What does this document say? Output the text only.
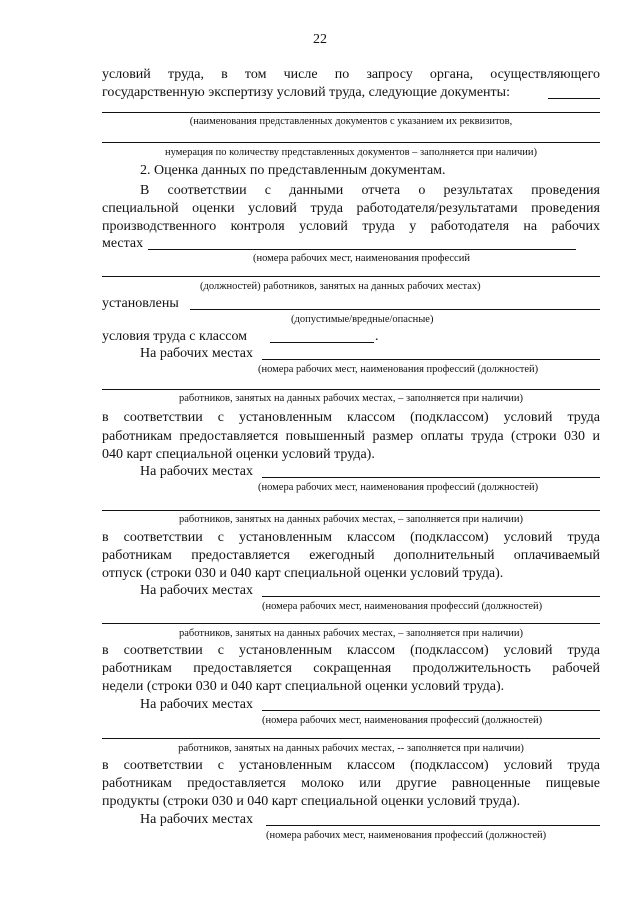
22
условий труда, в том числе по запросу органа, осуществляющего
государственную экспертизу условий труда, следующие документы:
(наименования представленных документов с указанием их реквизитов,
нумерация по количеству представленных документов – заполняется при наличии)
2. Оценка данных по представленным документам.
В соответствии с данными отчета о результатах проведения
специальной оценки условий труда работодателя/результатами проведения
производственного контроля условий труда у работодателя на рабочих
местах
(номера рабочих мест, наименования профессий
(должностей) работников, занятых на данных рабочих местах)
установлены
(допустимые/вредные/опасные)
условия труда с классом	.
На рабочих местах
(номера рабочих мест, наименования профессий (должностей)
работников, занятых на данных рабочих местах, – заполняется при наличии)
в соответствии с установленным классом (подклассом) условий труда
работникам предоставляется повышенный размер оплаты труда (строки 030 и
040 карт специальной оценки условий труда).
На рабочих местах
(номера рабочих мест, наименования профессий (должностей)
работников, занятых на данных рабочих местах, – заполняется при наличии)
в соответствии с установленным классом (подклассом) условий труда
работникам предоставляется ежегодный дополнительный оплачиваемый
отпуск (строки 030 и 040 карт специальной оценки условий труда).
На рабочих местах
(номера рабочих мест, наименования профессий (должностей)
работников, занятых на данных рабочих местах, – заполняется при наличии)
в соответствии с установленным классом (подклассом) условий труда
работникам предоставляется сокращенная продолжительность рабочей
недели (строки 030 и 040 карт специальной оценки условий труда).
На рабочих местах
(номера рабочих мест, наименования профессий (должностей)
работников, занятых на данных рабочих местах, -- заполняется при наличии)
в соответствии с установленным классом (подклассом) условий труда
работникам предоставляется молоко или другие равноценные пищевые
продукты (строки 030 и 040 карт специальной оценки условий труда).
На рабочих местах
(номера рабочих мест, наименования профессий (должностей)
